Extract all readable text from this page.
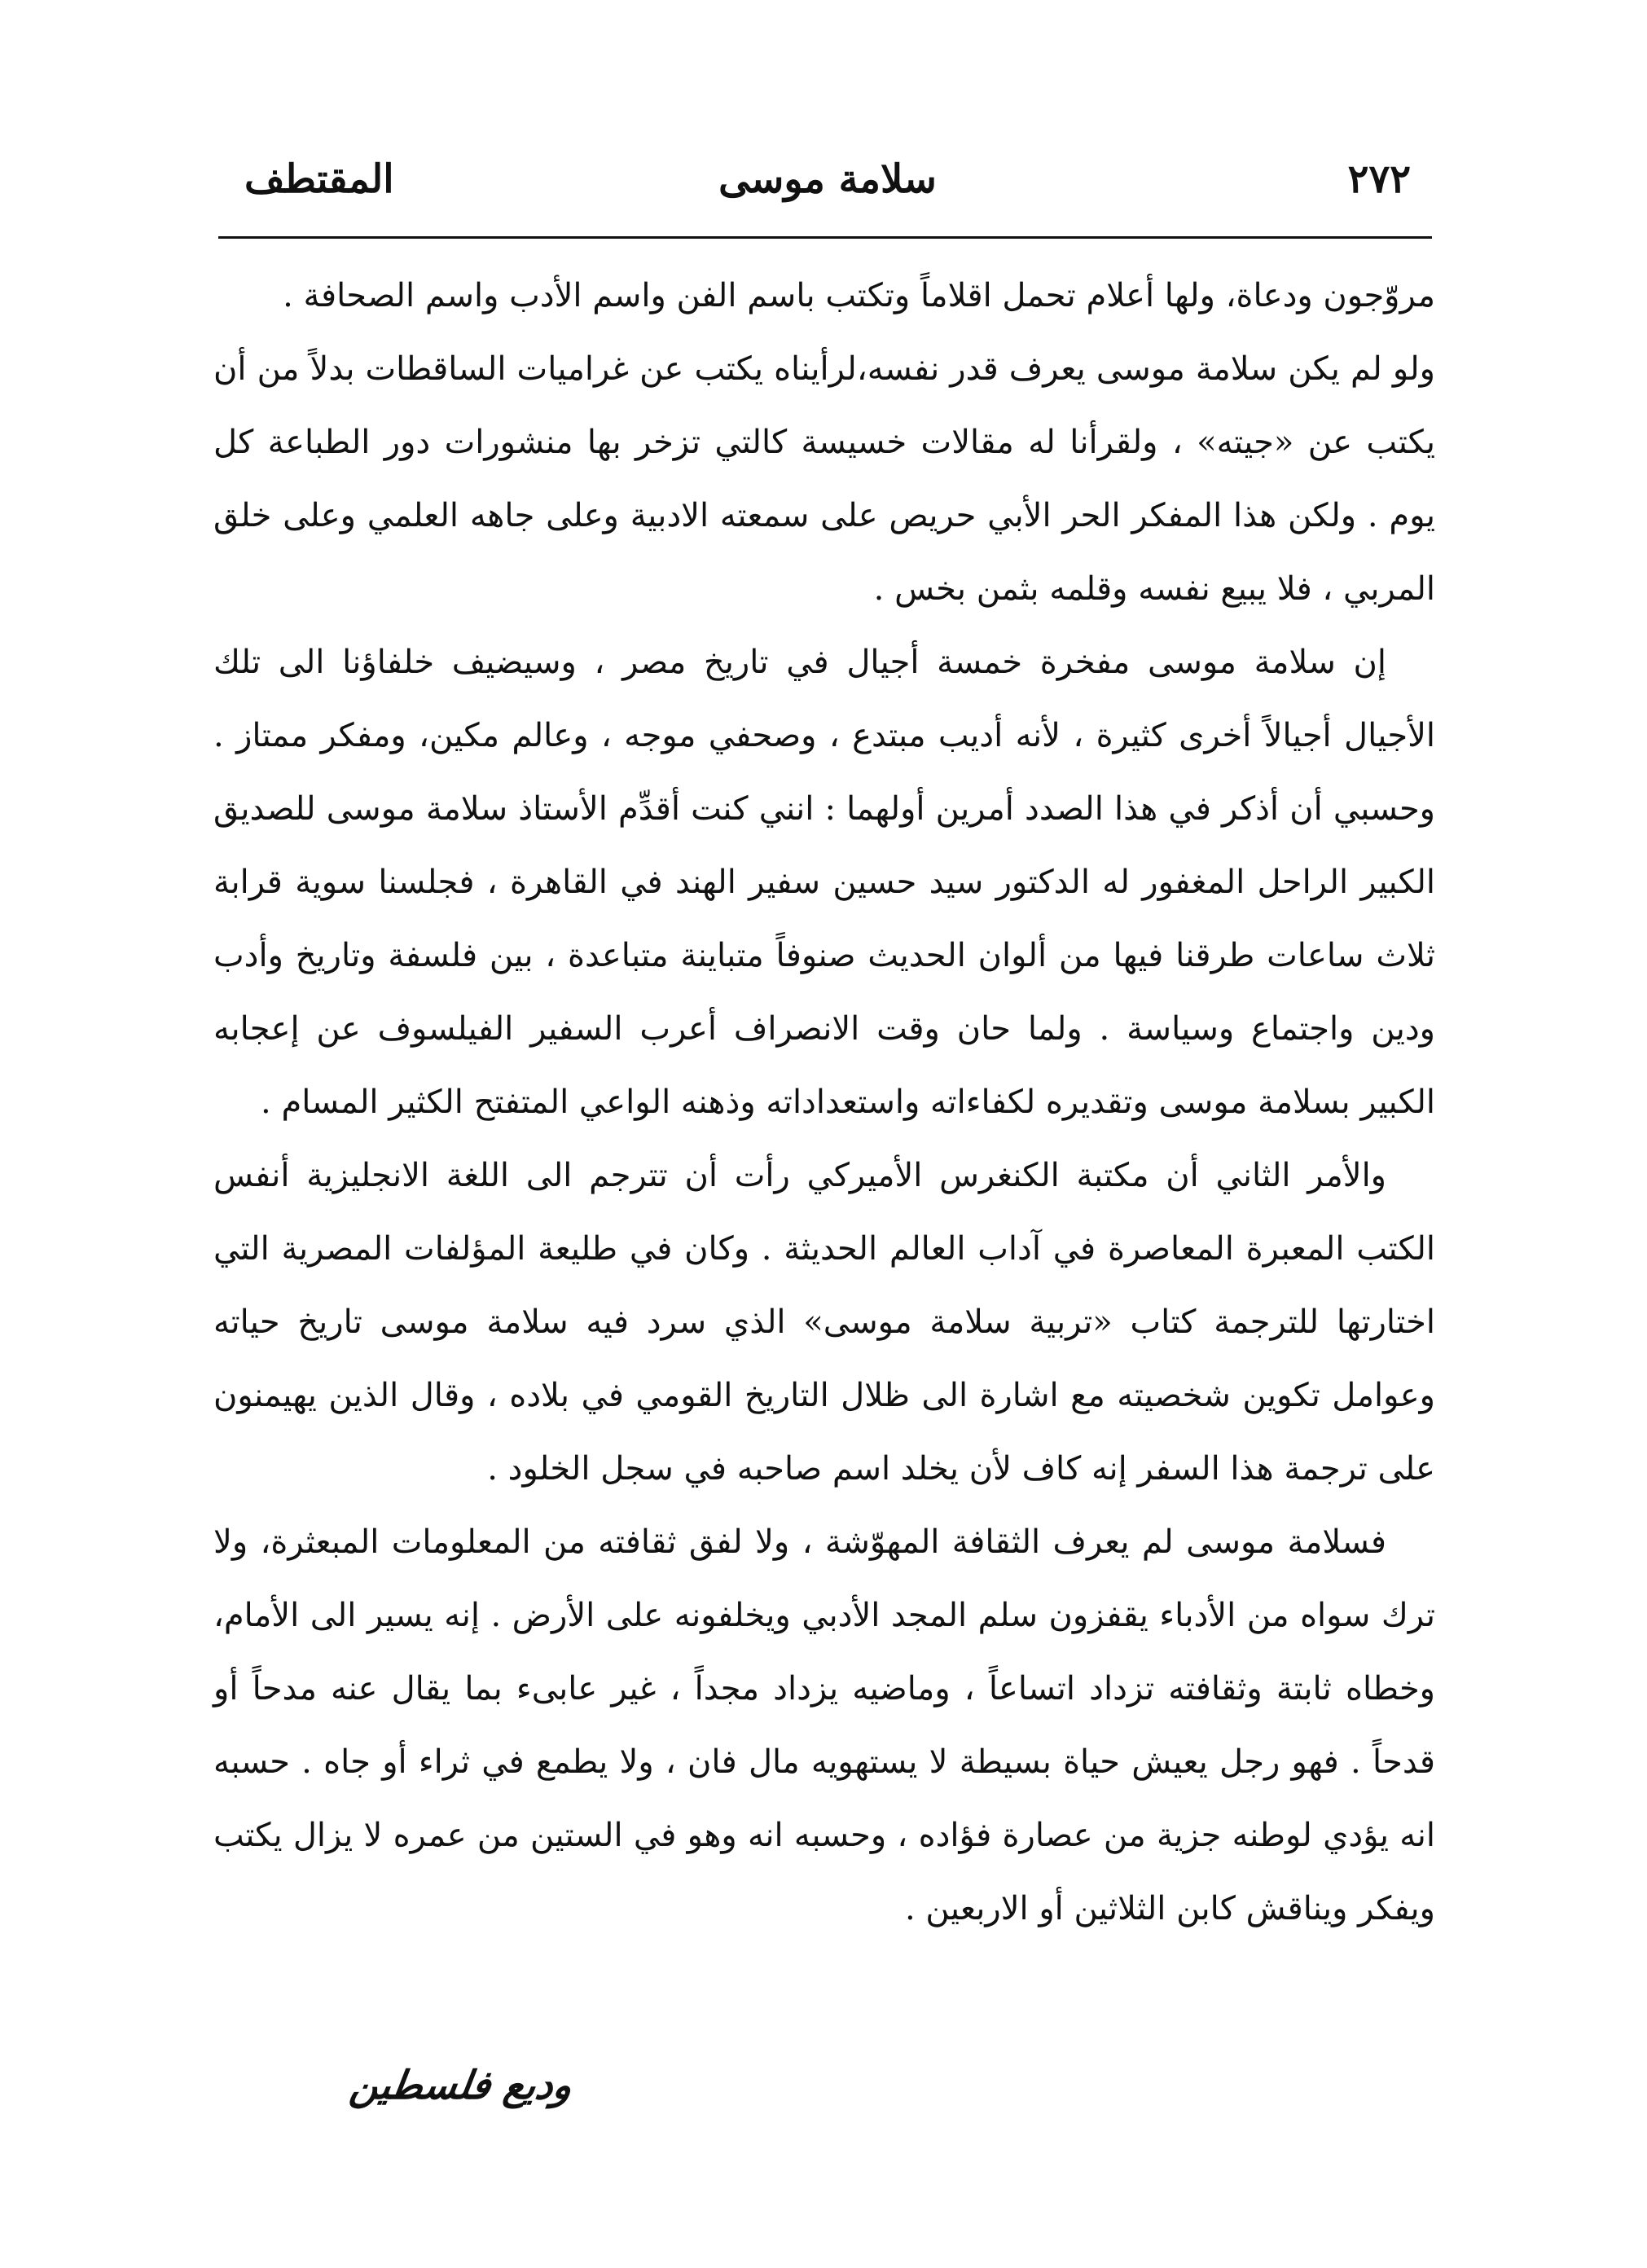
٢٧٢
سلامة موسى
المقتطف

مروّجون ودعاة، ولها أعلام تحمل اقلاماً وتكتب باسم الفن واسم الأدب واسم الصحافة .

ولو لم يكن سلامة موسى يعرف قدر نفسه،لرأيناه يكتب عن غراميات الساقطات بدلاً من أن يكتب عن «جيته» ، ولقرأنا له مقالات خسيسة كالتي تزخر بها منشورات دور الطباعة كل يوم . ولكن هذا المفكر الحر الأبي حريص على سمعته الادبية وعلى جاهه العلمي وعلى خلق المربي ، فلا يبيع نفسه وقلمه بثمن بخس .

إن سلامة موسى مفخرة خمسة أجيال في تاريخ مصر ، وسيضيف خلفاؤنا الى تلك الأجيال أجيالاً أخرى كثيرة ، لأنه أديب مبتدع ، وصحفي موجه ، وعالم مكين، ومفكر ممتاز . وحسبي أن أذكر في هذا الصدد أمرين أولهما : انني كنت أقدِّم الأستاذ سلامة موسى للصديق الكبير الراحل المغفور له الدكتور سيد حسين سفير الهند في القاهرة ، فجلسنا سوية قرابة ثلاث ساعات طرقنا فيها من ألوان الحديث صنوفاً متباينة متباعدة ، بين فلسفة وتاريخ وأدب ودين واجتماع وسياسة . ولما حان وقت الانصراف أعرب السفير الفيلسوف عن إعجابه الكبير بسلامة موسى وتقديره لكفاءاته واستعداداته وذهنه الواعي المتفتح الكثير المسام .

والأمر الثاني أن مكتبة الكنغرس الأميركي رأت أن تترجم الى اللغة الانجليزية أنفس الكتب المعبرة المعاصرة في آداب العالم الحديثة . وكان في طليعة المؤلفات المصرية التي اختارتها للترجمة كتاب «تربية سلامة موسى» الذي سرد فيه سلامة موسى تاريخ حياته وعوامل تكوين شخصيته مع اشارة الى ظلال التاريخ القومي في بلاده ، وقال الذين يهيمنون على ترجمة هذا السفر إنه كاف لأن يخلد اسم صاحبه في سجل الخلود .

فسلامة موسى لم يعرف الثقافة المهوّشة ، ولا لفق ثقافته من المعلومات المبعثرة، ولا ترك سواه من الأدباء يقفزون سلم المجد الأدبي ويخلفونه على الأرض . إنه يسير الى الأمام، وخطاه ثابتة وثقافته تزداد اتساعاً ، وماضيه يزداد مجداً ، غير عابىء بما يقال عنه مدحاً أو قدحاً . فهو رجل يعيش حياة بسيطة لا يستهويه مال فان ، ولا يطمع في ثراء أو جاه . حسبه انه يؤدي لوطنه جزية من عصارة فؤاده ، وحسبه انه وهو في الستين من عمره لا يزال يكتب ويفكر ويناقش كابن الثلاثين أو الاربعين .

وديع فلسطين
